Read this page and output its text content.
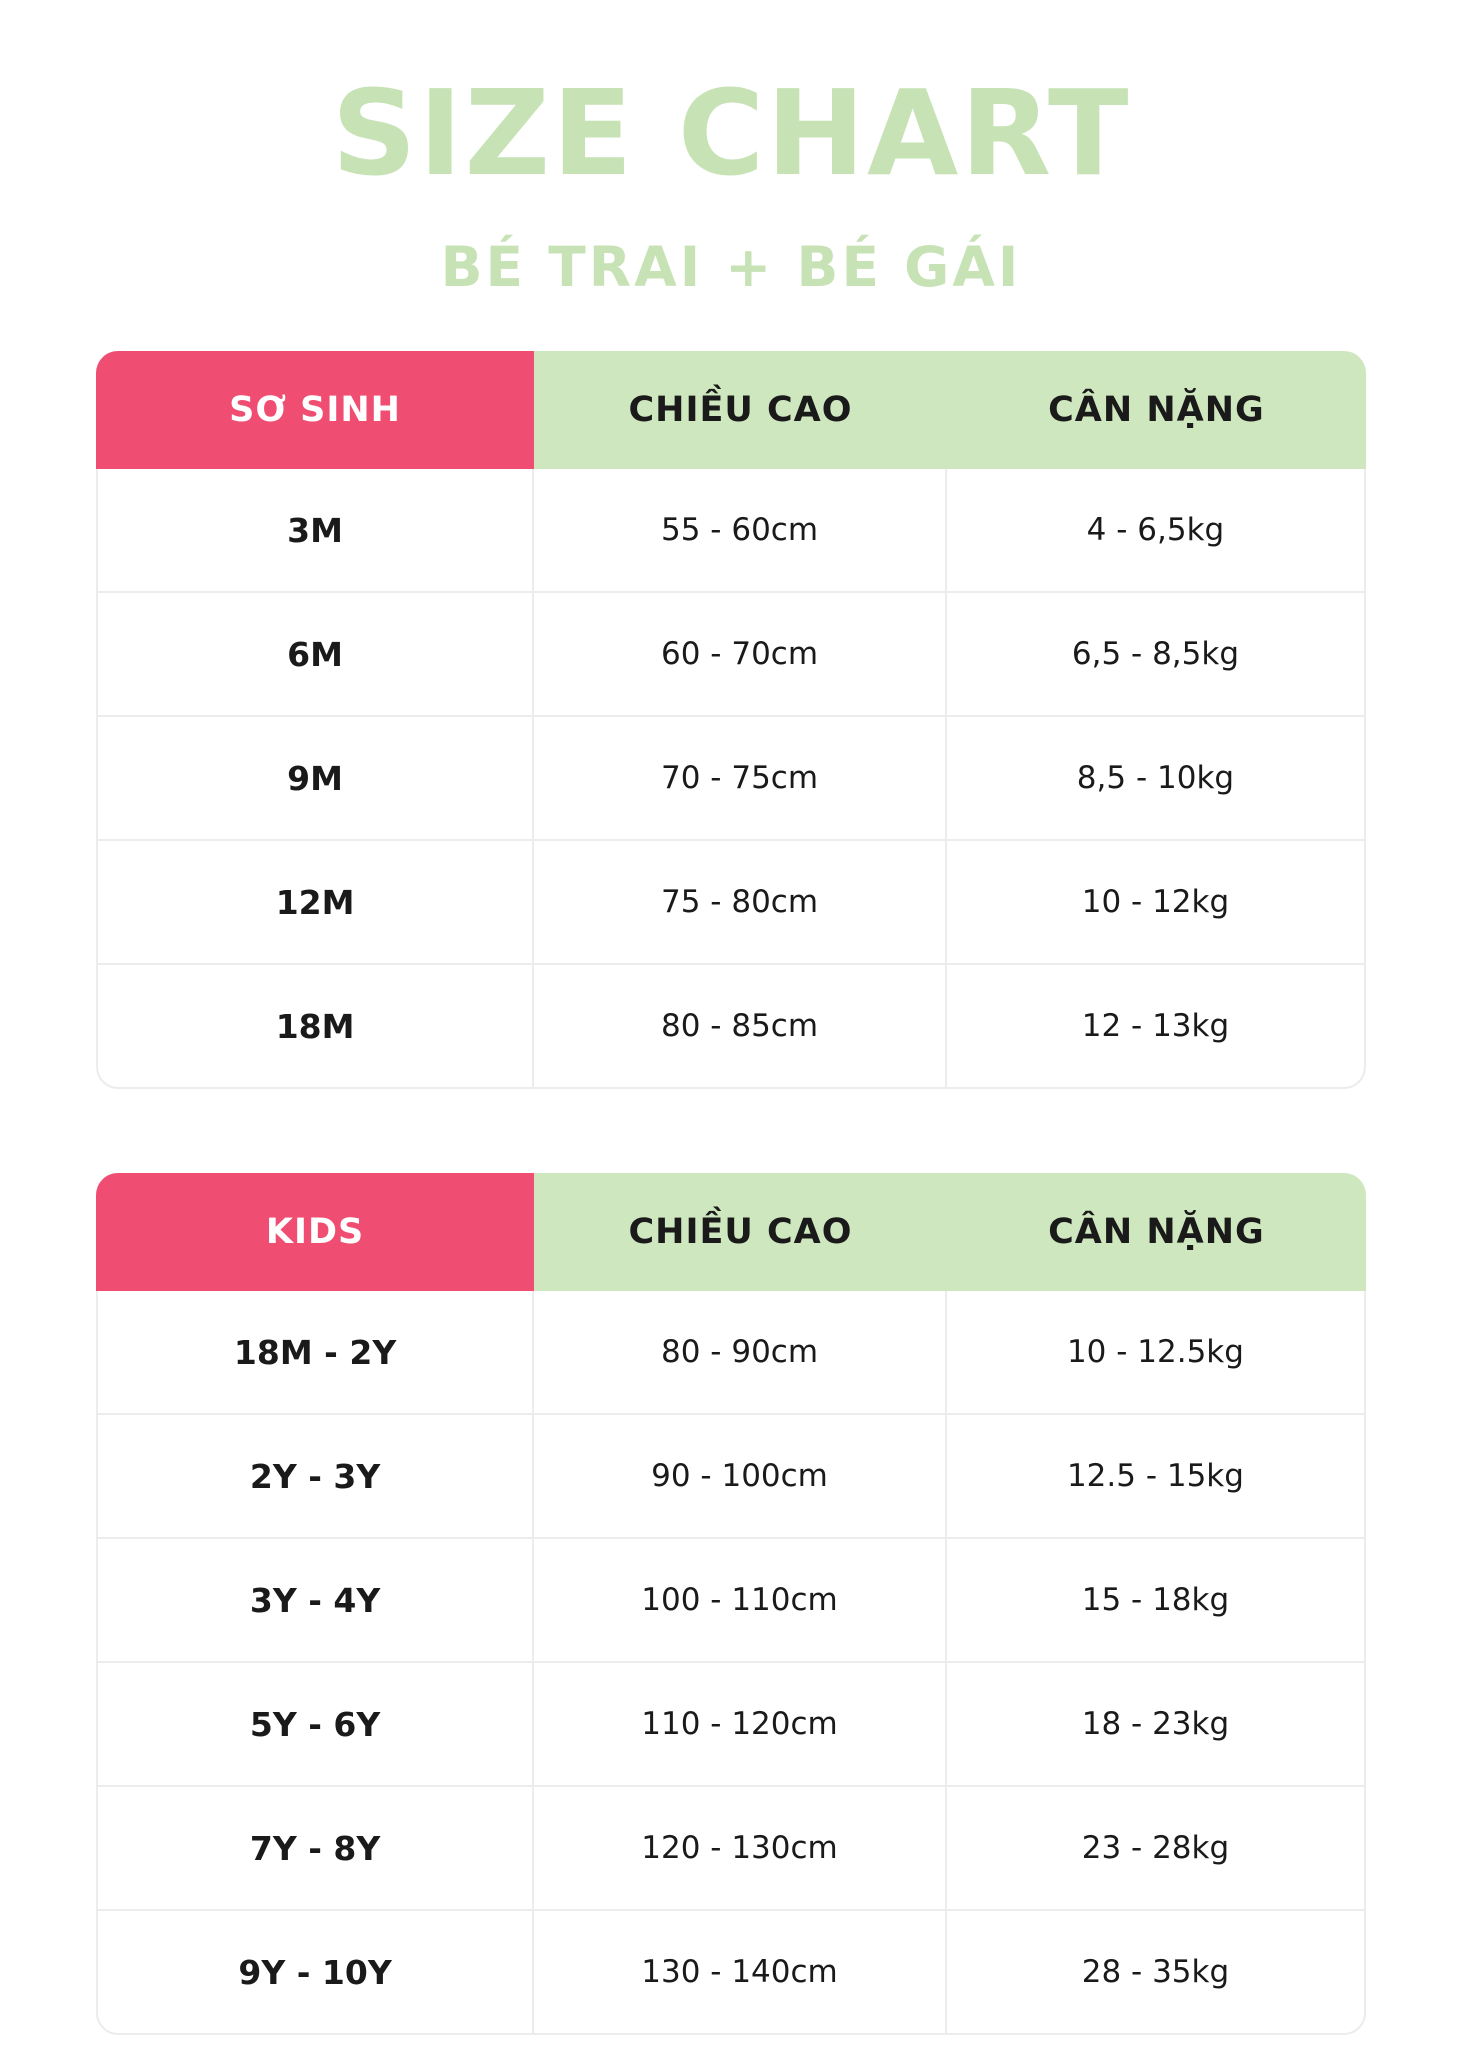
SIZE CHART
BÉ TRAI + BÉ GÁI
SƠ SINH	CHIỀU CAO	CÂN NẶNG
3M	55 - 60cm	4 - 6,5kg
6M	60 - 70cm	6,5 - 8,5kg
9M	70 - 75cm	8,5 - 10kg
12M	75 - 80cm	10 - 12kg
18M	80 - 85cm	12 - 13kg
KIDS	CHIỀU CAO	CÂN NẶNG
18M - 2Y	80 - 90cm	10 - 12.5kg
2Y - 3Y	90 - 100cm	12.5 - 15kg
3Y - 4Y	100 - 110cm	15 - 18kg
5Y - 6Y	110 - 120cm	18 - 23kg
7Y - 8Y	120 - 130cm	23 - 28kg
9Y - 10Y	130 - 140cm	28 - 35kg
